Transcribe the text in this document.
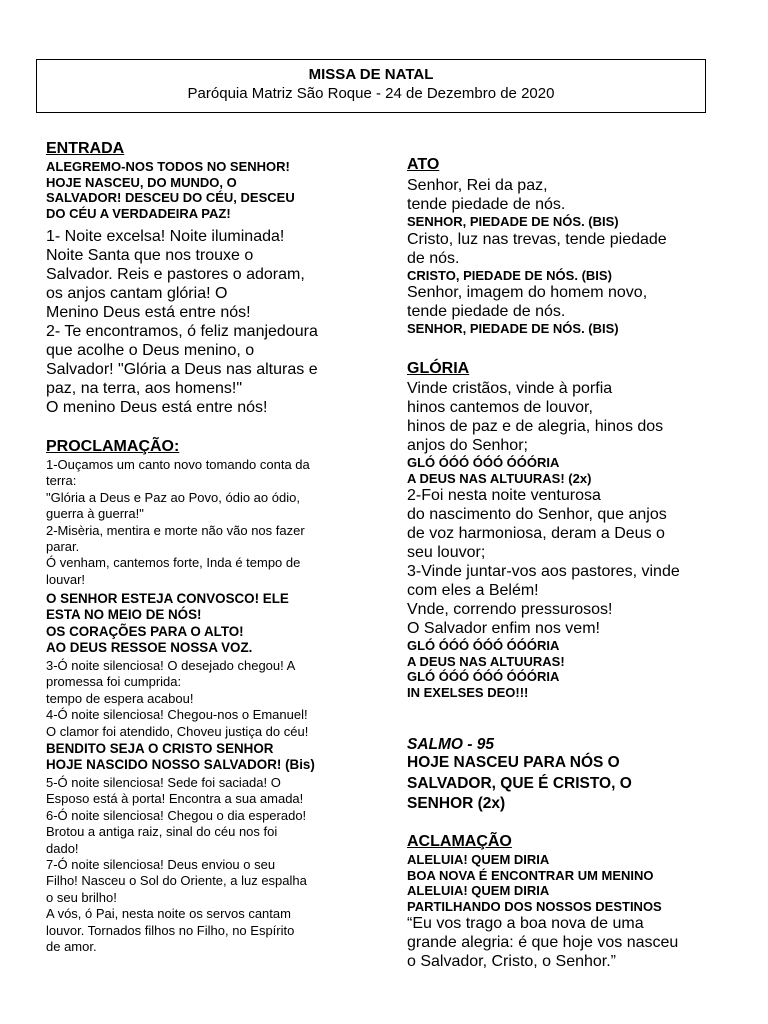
MISSA DE NATAL
Paróquia Matriz São Roque - 24 de Dezembro de 2020
ENTRADA
ALEGREMO-NOS TODOS NO SENHOR!
HOJE NASCEU, DO MUNDO, O
SALVADOR! DESCEU DO CÉU, DESCEU
DO CÉU A VERDADEIRA PAZ!
1- Noite excelsa! Noite iluminada!
Noite Santa que nos trouxe o
Salvador. Reis e pastores o adoram,
os anjos cantam glória! O
Menino Deus está entre nós!
2- Te encontramos, ó feliz manjedoura
que acolhe o Deus menino, o
Salvador! "Glória a Deus nas alturas e
paz, na terra, aos homens!"
O menino Deus está entre nós!
PROCLAMAÇÃO:
1-Ouçamos um canto novo tomando conta da
terra:
"Glória a Deus e Paz ao Povo, ódio ao ódio,
guerra à guerra!"
2-Misèria, mentira e morte não vão nos fazer
parar.
Ó venham, cantemos forte, Inda é tempo de
louvar!
O SENHOR ESTEJA CONVOSCO! ELE
ESTA NO MEIO DE NÓS!
OS CORAÇÕES PARA O ALTO!
AO DEUS RESSOE NOSSA VOZ.
3-Ó noite silenciosa! O desejado chegou! A
promessa foi cumprida:
tempo de espera acabou!
4-Ó noite silenciosa! Chegou-nos o Emanuel!
O clamor foi atendido, Choveu justiça do céu!
BENDITO SEJA O CRISTO SENHOR
HOJE NASCIDO NOSSO SALVADOR! (Bis)
5-Ó noite silenciosa! Sede foi saciada! O
Esposo está à porta! Encontra a sua amada!
6-Ó noite silenciosa! Chegou o dia esperado!
Brotou a antiga raiz, sinal do céu nos foi
dado!
7-Ó noite silenciosa! Deus enviou o seu
Filho! Nasceu o Sol do Oriente, a luz espalha
o seu brilho!
A vós, ó Pai, nesta noite os servos cantam
louvor. Tornados filhos no Filho, no Espírito
de amor.
ATO
Senhor, Rei da paz,
tende piedade de nós.
SENHOR, PIEDADE DE NÓS. (BIS)
Cristo, luz nas trevas, tende piedade
de nós.
CRISTO, PIEDADE DE NÓS. (BIS)
Senhor, imagem do homem novo,
tende piedade de nós.
SENHOR, PIEDADE DE NÓS. (BIS)
GLÓRIA
Vinde cristãos, vinde à porfia
hinos cantemos de louvor,
hinos de paz e de alegria, hinos dos
anjos do Senhor;
GLÓ ÓÓÓ ÓÓÓ ÓÓÓRIA
A DEUS NAS ALTUURAS! (2x)
2-Foi nesta noite venturosa
do nascimento do Senhor, que anjos
de voz harmoniosa, deram a Deus o
seu louvor;
3-Vinde juntar-vos aos pastores, vinde
com eles a Belém!
Vnde, correndo pressurosos!
O Salvador enfim nos vem!
GLÓ ÓÓÓ ÓÓÓ ÓÓÓRIA
A DEUS NAS ALTUURAS!
GLÓ ÓÓÓ ÓÓÓ ÓÓÓRIA
IN EXELSES DEO!!!
SALMO - 95
HOJE NASCEU PARA NÓS O
SALVADOR, QUE É CRISTO, O
SENHOR (2x)
ACLAMAÇÃO
ALELUIA! QUEM DIRIA
BOA NOVA É ENCONTRAR UM MENINO
ALELUIA! QUEM DIRIA
PARTILHANDO DOS NOSSOS DESTINOS
“Eu vos trago a boa nova de uma
grande alegria: é que hoje vos nasceu
o Salvador, Cristo, o Senhor.”
